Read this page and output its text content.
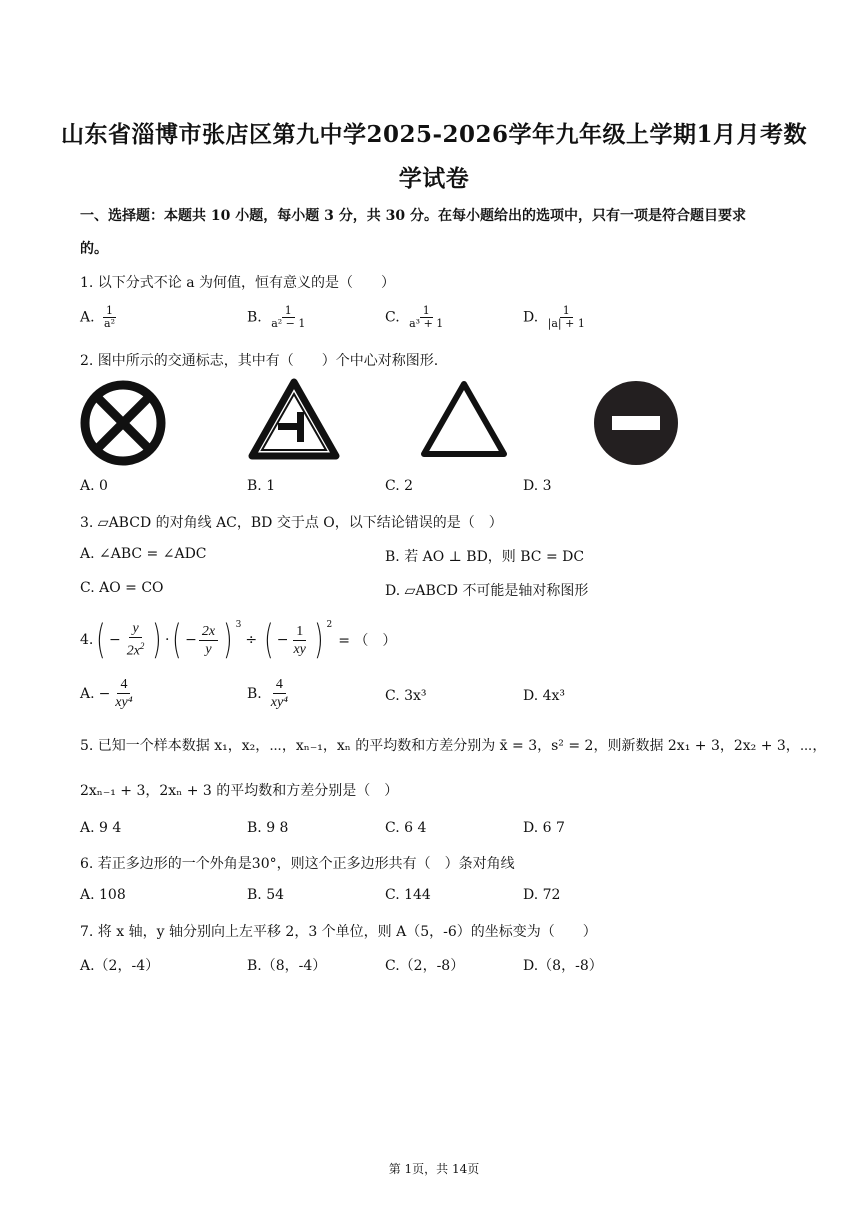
山东省淄博市张店区第九中学2025-2026学年九年级上学期1月月考数
学试卷
一、选择题：本题共 10 小题，每小题 3 分，共 30 分。在每小题给出的选项中，只有一项是符合题目要求
的。
1. 以下分式不论 a 为何值，恒有意义的是（　　）
A. $\frac{1}{\text{a²}}$	B. $\frac{1}{\text{a² − 1}}$	C. $\frac{1}{\text{a³ + 1}}$	D. $\frac{1}{|a| + 1}$
2. 图中所示的交通标志，其中有（　　）个中心对称图形.
A. 0	B. 1	C. 2	D. 3
3. ▱ABCD 的对角线 AC，BD 交于点 O，以下结论错误的是（　）
A. ∠ABC = ∠ADC	B. 若 AO ⊥ BD，则 BC = DC
C. AO = CO	D. ▱ABCD 不可能是轴对称图形
4. ( − $\frac{y}{2x^2}$ ) · ( − $\frac{2x}{y}$ ) $^3$
÷ ( − $\frac{1}{xy}$ ) $^2$
= （　）
A. − $\frac{4}{\text{xy⁴}}$	B. $\frac{4}{\text{xy⁴}}$	C. 3x³	D. 4x³
5. 已知一个样本数据 x₁，x₂，⋯，xₙ₋₁，xₙ 的平均数和方差分别为 x̄ = 3，s² = 2，则新数据 2x₁ + 3，2x₂ + 3，⋯，
2xₙ₋₁ + 3，2xₙ + 3 的平均数和方差分别是（　）
A. 9 4	B. 9 8	C. 6 4	D. 6 7
6. 若正多边形的一个外角是30°，则这个正多边形共有（　）条对角线
A. 108	B. 54	C. 144	D. 72
7. 将 x 轴，y 轴分别向上左平移 2，3 个单位，则 A（5，-6）的坐标变为（　　）
A.（2，-4）	B.（8，-4）	C.（2，-8）	D.（8，-8）
第 1页，共 14页
